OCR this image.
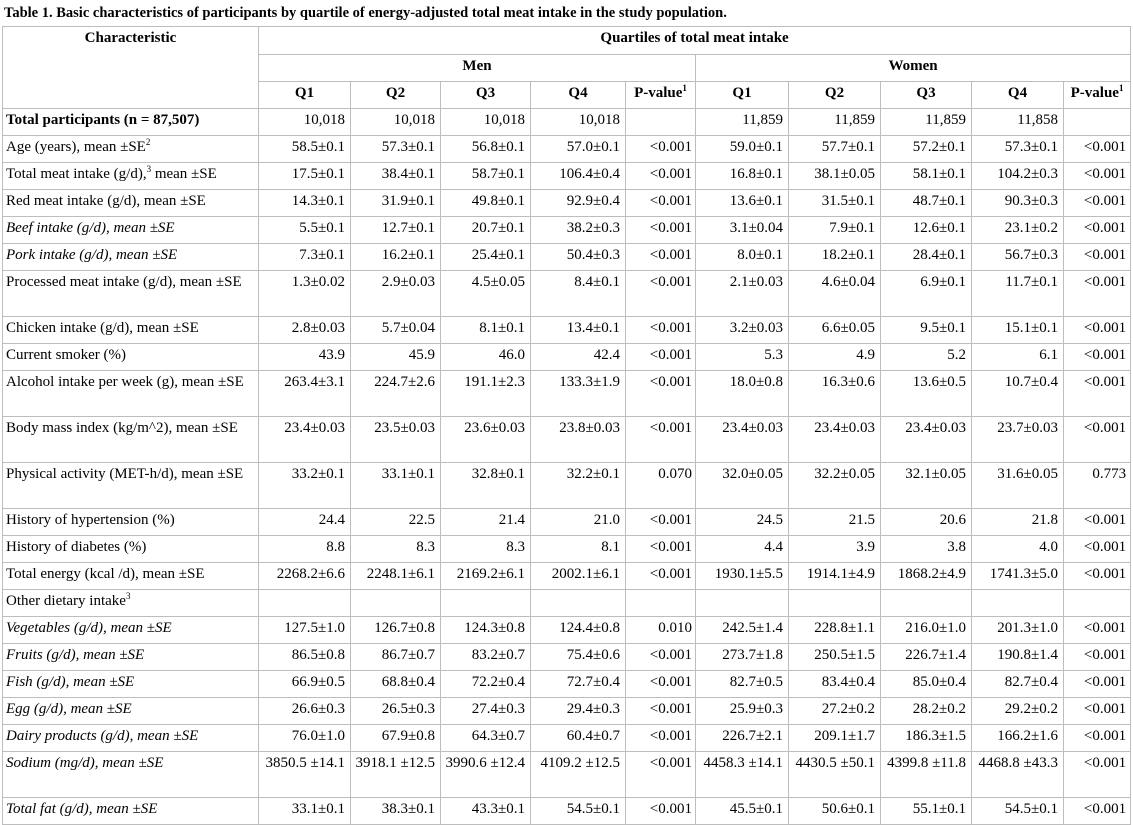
Table 1. Basic characteristics of participants by quartile of energy-adjusted total meat intake in the study population.
Characteristic	Quartiles of total meat intake									
	Men					Women				
	Q1	Q2	Q3	Q4	P-value$^1$	Q1	Q2	Q3	Q4	P-value$^1$
Total participants (n = 87,507)	10,018	10,018	10,018	10,018		11,859	11,859	11,859	11,858	
Age (years), mean $\pm SE^2$	58.5±0.1	57.3±0.1	56.8±0.1	57.0±0.1	<0.001	59.0±0.1	57.7±0.1	57.2±0.1	57.3±0.1	<0.001
Total meat intake (g/d),$^3$ mean ±SE	17.5±0.1	38.4±0.1	58.7±0.1	106.4±0.4	<0.001	16.8±0.1	38.1±0.05	58.1±0.1	104.2±0.3	<0.001
Red meat intake (g/d), mean ±SE	14.3±0.1	31.9±0.1	49.8±0.1	92.9±0.4	<0.001	13.6±0.1	31.5±0.1	48.7±0.1	90.3±0.3	<0.001
Beef intake (g/d), mean ±SE	5.5±0.1	12.7±0.1	20.7±0.1	38.2±0.3	<0.001	3.1±0.04	7.9±0.1	12.6±0.1	23.1±0.2	<0.001
Pork intake (g/d), mean ±SE	7.3±0.1	16.2±0.1	25.4±0.1	50.4±0.3	<0.001	8.0±0.1	18.2±0.1	28.4±0.1	56.7±0.3	<0.001
Processed meat intake (g/d), mean ±SE	1.3±0.02	2.9±0.03	4.5±0.05	8.4±0.1	<0.001	2.1±0.03	4.6±0.04	6.9±0.1	11.7±0.1	<0.001
Chicken intake (g/d), mean ±SE	2.8±0.03	5.7±0.04	8.1±0.1	13.4±0.1	<0.001	3.2±0.03	6.6±0.05	9.5±0.1	15.1±0.1	<0.001
Current smoker (%)	43.9	45.9	46.0	42.4	<0.001	5.3	4.9	5.2	6.1	<0.001
Alcohol intake per week (g), mean ±SE	263.4±3.1	224.7±2.6	191.1±2.3	133.3±1.9	<0.001	18.0±0.8	16.3±0.6	13.6±0.5	10.7±0.4	<0.001
Body mass index (kg/m^2), mean ±SE	23.4±0.03	23.5±0.03	23.6±0.03	23.8±0.03	<0.001	23.4±0.03	23.4±0.03	23.4±0.03	23.7±0.03	<0.001
Physical activity (MET-h/d), mean ±SE	33.2±0.1	33.1±0.1	32.8±0.1	32.2±0.1	0.070	32.0±0.05	32.2±0.05	32.1±0.05	31.6±0.05	0.773
History of hypertension (%)	24.4	22.5	21.4	21.0	<0.001	24.5	21.5	20.6	21.8	<0.001
History of diabetes (%)	8.8	8.3	8.3	8.1	<0.001	4.4	3.9	3.8	4.0	<0.001
Total energy (kcal /d), mean ±SE	2268.2±6.6	2248.1±6.1	2169.2±6.1	2002.1±6.1	<0.001	1930.1±5.5	1914.1±4.9	1868.2±4.9	1741.3±5.0	<0.001
Other dietary intake$^3$										
Vegetables (g/d), mean ±SE	127.5±1.0	126.7±0.8	124.3±0.8	124.4±0.8	0.010	242.5±1.4	228.8±1.1	216.0±1.0	201.3±1.0	<0.001
Fruits (g/d), mean ±SE	86.5±0.8	86.7±0.7	83.2±0.7	75.4±0.6	<0.001	273.7±1.8	250.5±1.5	226.7±1.4	190.8±1.4	<0.001
Fish (g/d), mean ±SE	66.9±0.5	68.8±0.4	72.2±0.4	72.7±0.4	<0.001	82.7±0.5	83.4±0.4	85.0±0.4	82.7±0.4	<0.001
Egg (g/d), mean ±SE	26.6±0.3	26.5±0.3	27.4±0.3	29.4±0.3	<0.001	25.9±0.3	27.2±0.2	28.2±0.2	29.2±0.2	<0.001
Dairy products (g/d), mean ±SE	76.0±1.0	67.9±0.8	64.3±0.7	60.4±0.7	<0.001	226.7±2.1	209.1±1.7	186.3±1.5	166.2±1.6	<0.001
Sodium (mg/d), mean ±SE	3850.5 ±14.1	3918.1 ±12.5	3990.6 ±12.4	4109.2 ±12.5	<0.001	4458.3 ±14.1	4430.5 ±50.1	4399.8 ±11.8	4468.8 ±43.3	<0.001
Total fat (g/d), mean ±SE	33.1±0.1	38.3±0.1	43.3±0.1	54.5±0.1	<0.001	45.5±0.1	50.6±0.1	55.1±0.1	54.5±0.1	<0.001
